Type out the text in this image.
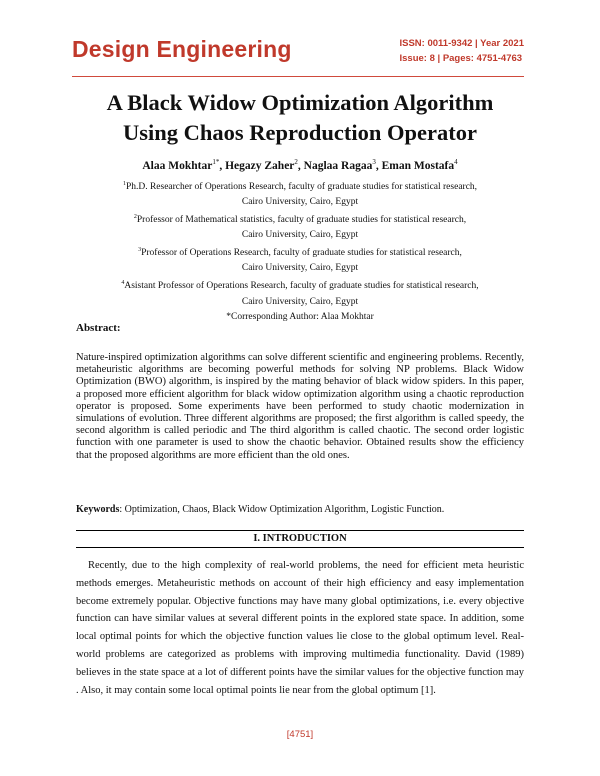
Design Engineering	ISSN: 0011-9342 | Year 2021
Issue: 8 | Pages: 4751-4763
A Black Widow Optimization Algorithm
Using Chaos Reproduction Operator
Alaa Mokhtar$^{1*}$, Hegazy Zaher$^2$, Naglaa Ragaa$^3$, Eman Mostafa$^4$
$^1$Ph.D. Researcher of Operations Research, faculty of graduate studies for statistical research,
Cairo University, Cairo, Egypt
$^2$Professor of Mathematical statistics, faculty of graduate studies for statistical research,
Cairo University, Cairo, Egypt
$^3$Professor of Operations Research, faculty of graduate studies for statistical research,
Cairo University, Cairo, Egypt
$^4$Asistant Professor of Operations Research, faculty of graduate studies for statistical research,
Cairo University, Cairo, Egypt
*Corresponding Author: Alaa Mokhtar
Abstract:
Nature-inspired optimization algorithms can solve different scientific and engineering problems. Recently, metaheuristic algorithms are becoming powerful methods for solving NP problems. Black Widow Optimization (BWO) algorithm, is inspired by the mating behavior of black widow spiders. In this paper, a proposed more efficient algorithm for black widow optimization algorithm using a chaotic reproduction operator is proposed. Some experiments have been performed to study chaotic modernization in simulations of evolution. Three different algorithms are proposed; the first algorithm is called speedy, the second algorithm is called periodic and The third algorithm is called chaotic. The second order logistic function with one parameter is used to show the chaotic behavior. Obtained results show the efficiency that the proposed algorithms are more efficient than the old ones.
Keywords: Optimization, Chaos, Black Widow Optimization Algorithm, Logistic Function.
I. INTRODUCTION
Recently, due to the high complexity of real-world problems, the need for efficient meta heuristic methods emerges. Metaheuristic methods on account of their high efficiency and easy implementation become extremely popular. Objective functions may have many global optimizations, i.e. every objective function can have similar values at several different points in the explored state space. In addition, some local optimal points for which the objective function values lie close to the global optimum level. Real-world problems are categorized as problems with improving multimedia functionality. David (1989) believes in the state space at a lot of different points have the similar values for the objective function may . Also, it may contain some local optimal points lie near from the global optimum [1].
[4751]
